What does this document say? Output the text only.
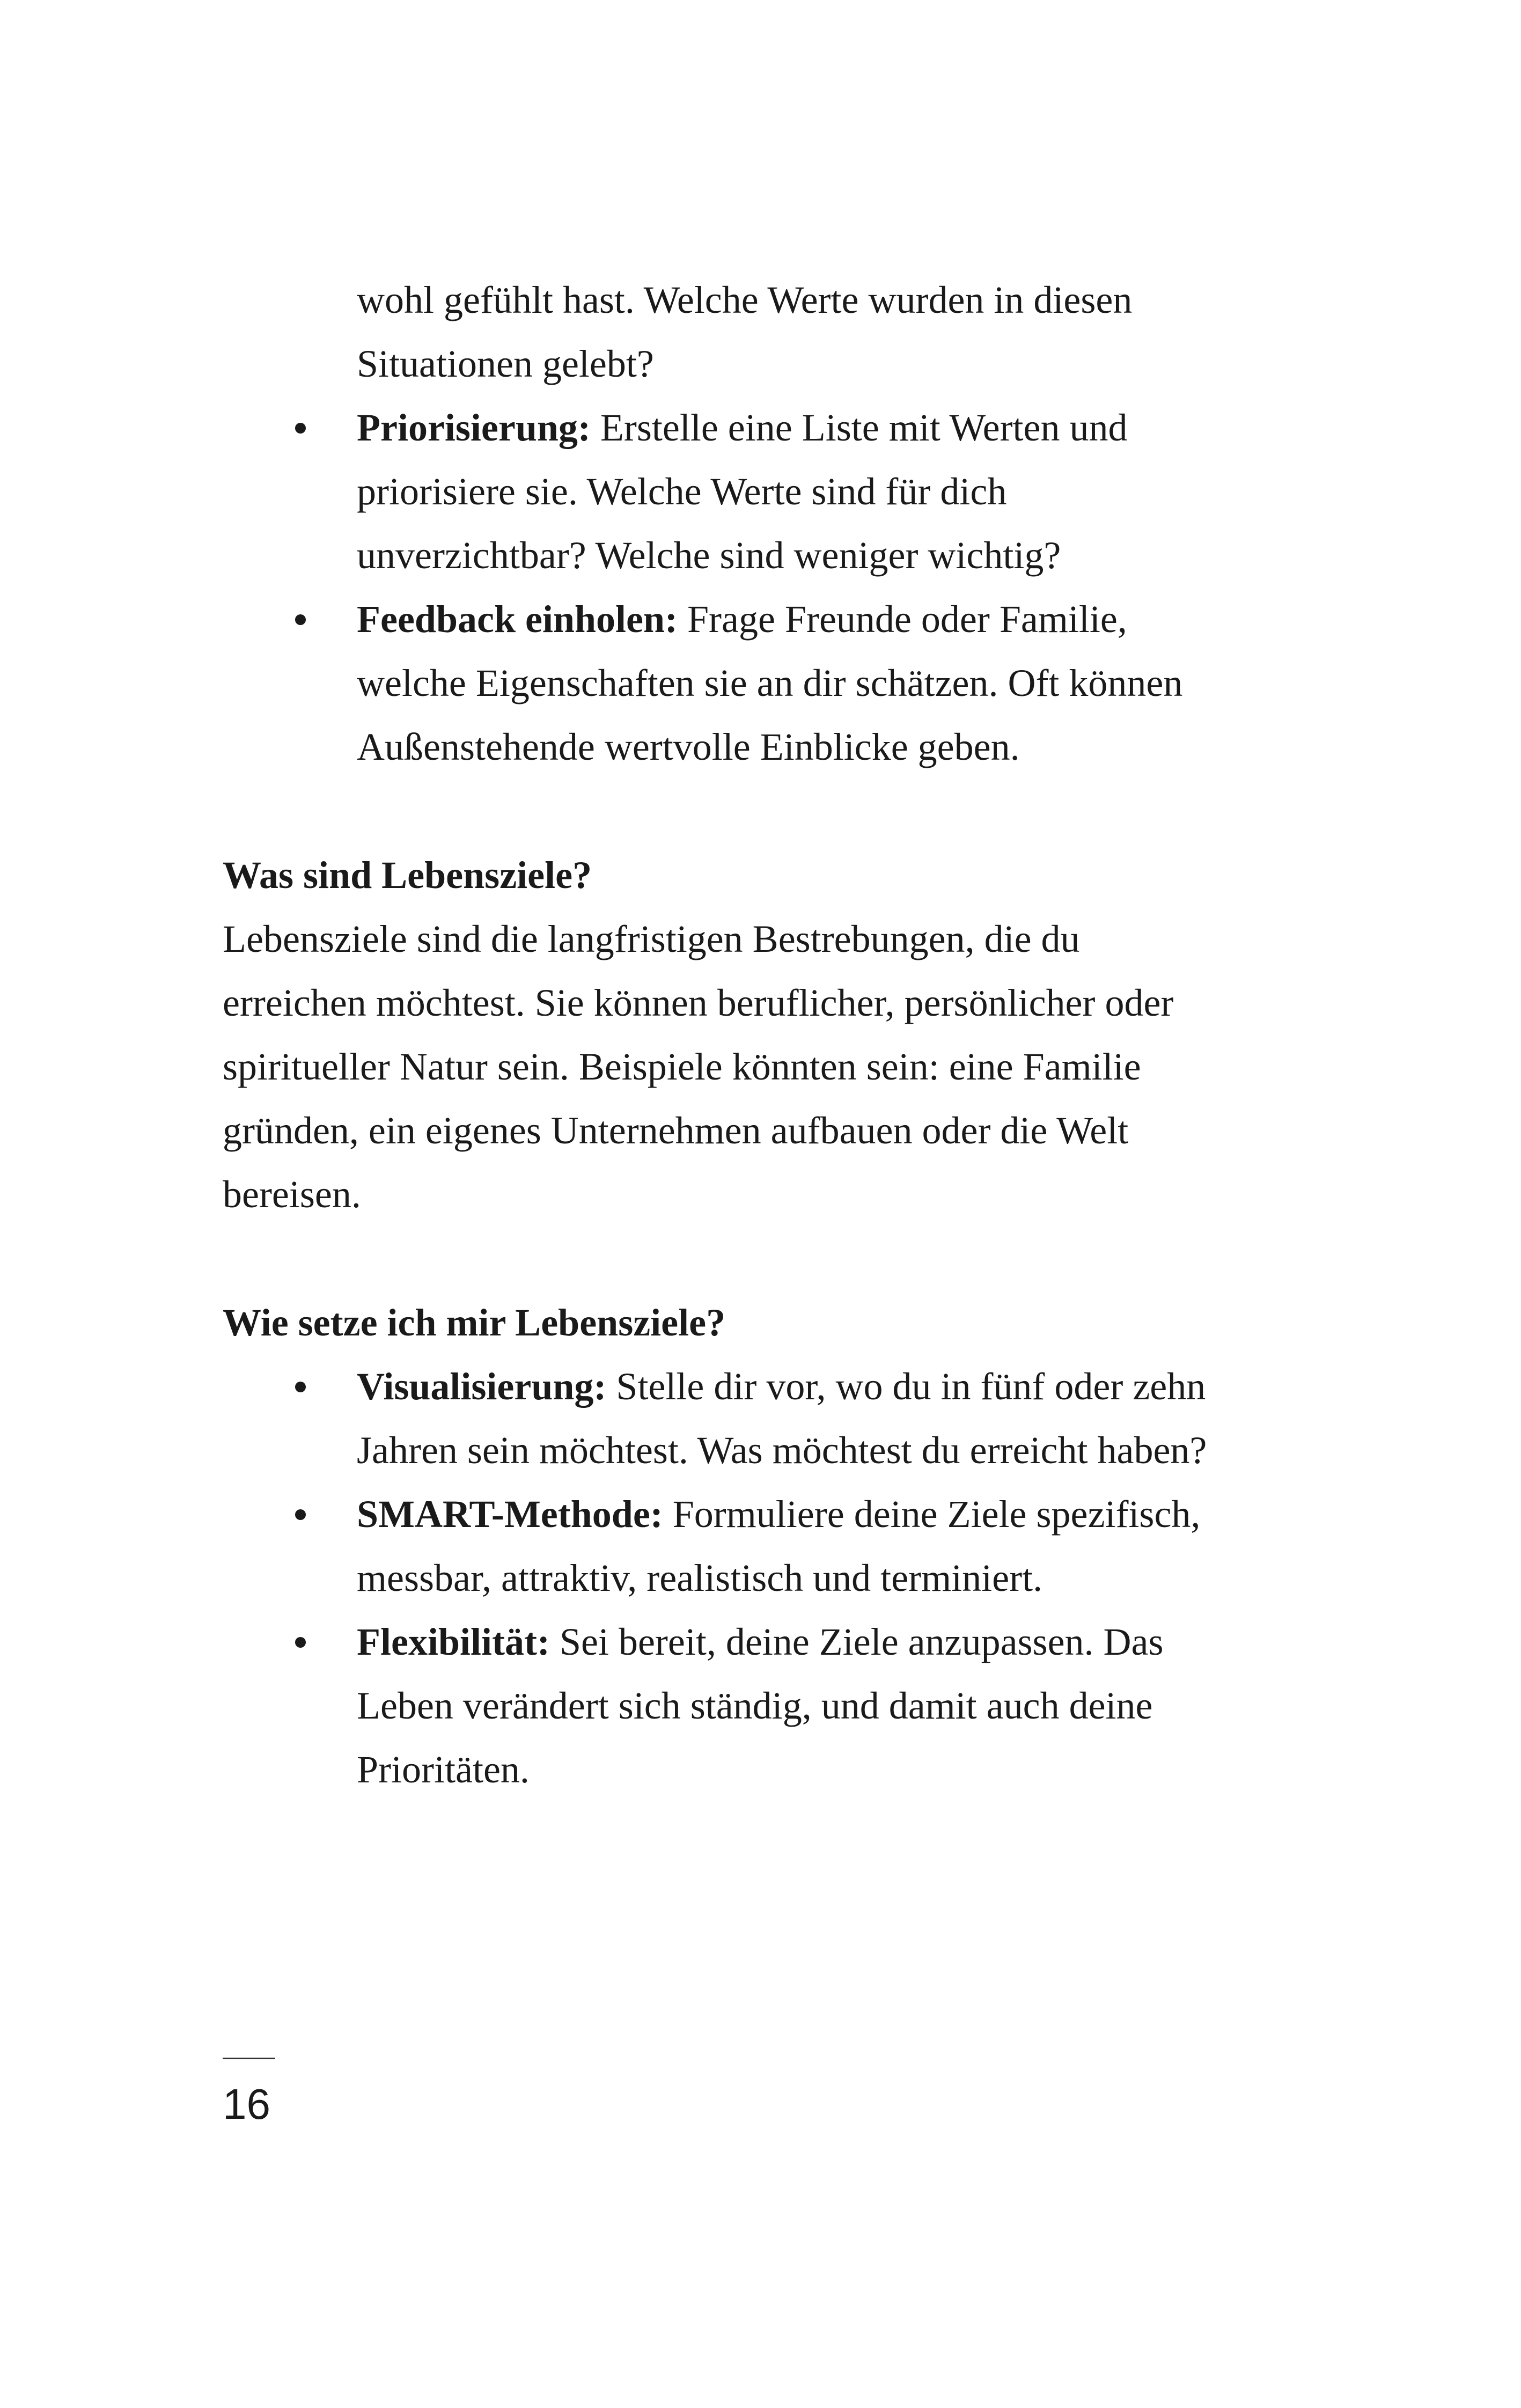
wohl gefühlt hast. Welche Werte wurden in diesen Situationen gelebt?
Priorisierung: Erstelle eine Liste mit Werten und priorisiere sie. Welche Werte sind für dich unverzichtbar? Welche sind weniger wichtig?
Feedback einholen: Frage Freunde oder Familie, welche Eigenschaften sie an dir schätzen. Oft können Außenstehende wertvolle Einblicke geben.
Was sind Lebensziele?

Lebensziele sind die langfristigen Bestrebungen, die du erreichen möchtest. Sie können beruflicher, persönlicher oder spiritueller Natur sein. Beispiele könnten sein: eine Familie gründen, ein eigenes Unternehmen aufbauen oder die Welt bereisen.

Wie setze ich mir Lebensziele?
Visualisierung: Stelle dir vor, wo du in fünf oder zehn Jahren sein möchtest. Was möchtest du erreicht haben?
SMART-Methode: Formuliere deine Ziele spezifisch, messbar, attraktiv, realistisch und terminiert.
Flexibilität: Sei bereit, deine Ziele anzupassen. Das Leben verändert sich ständig, und damit auch deine Prioritäten.
16
